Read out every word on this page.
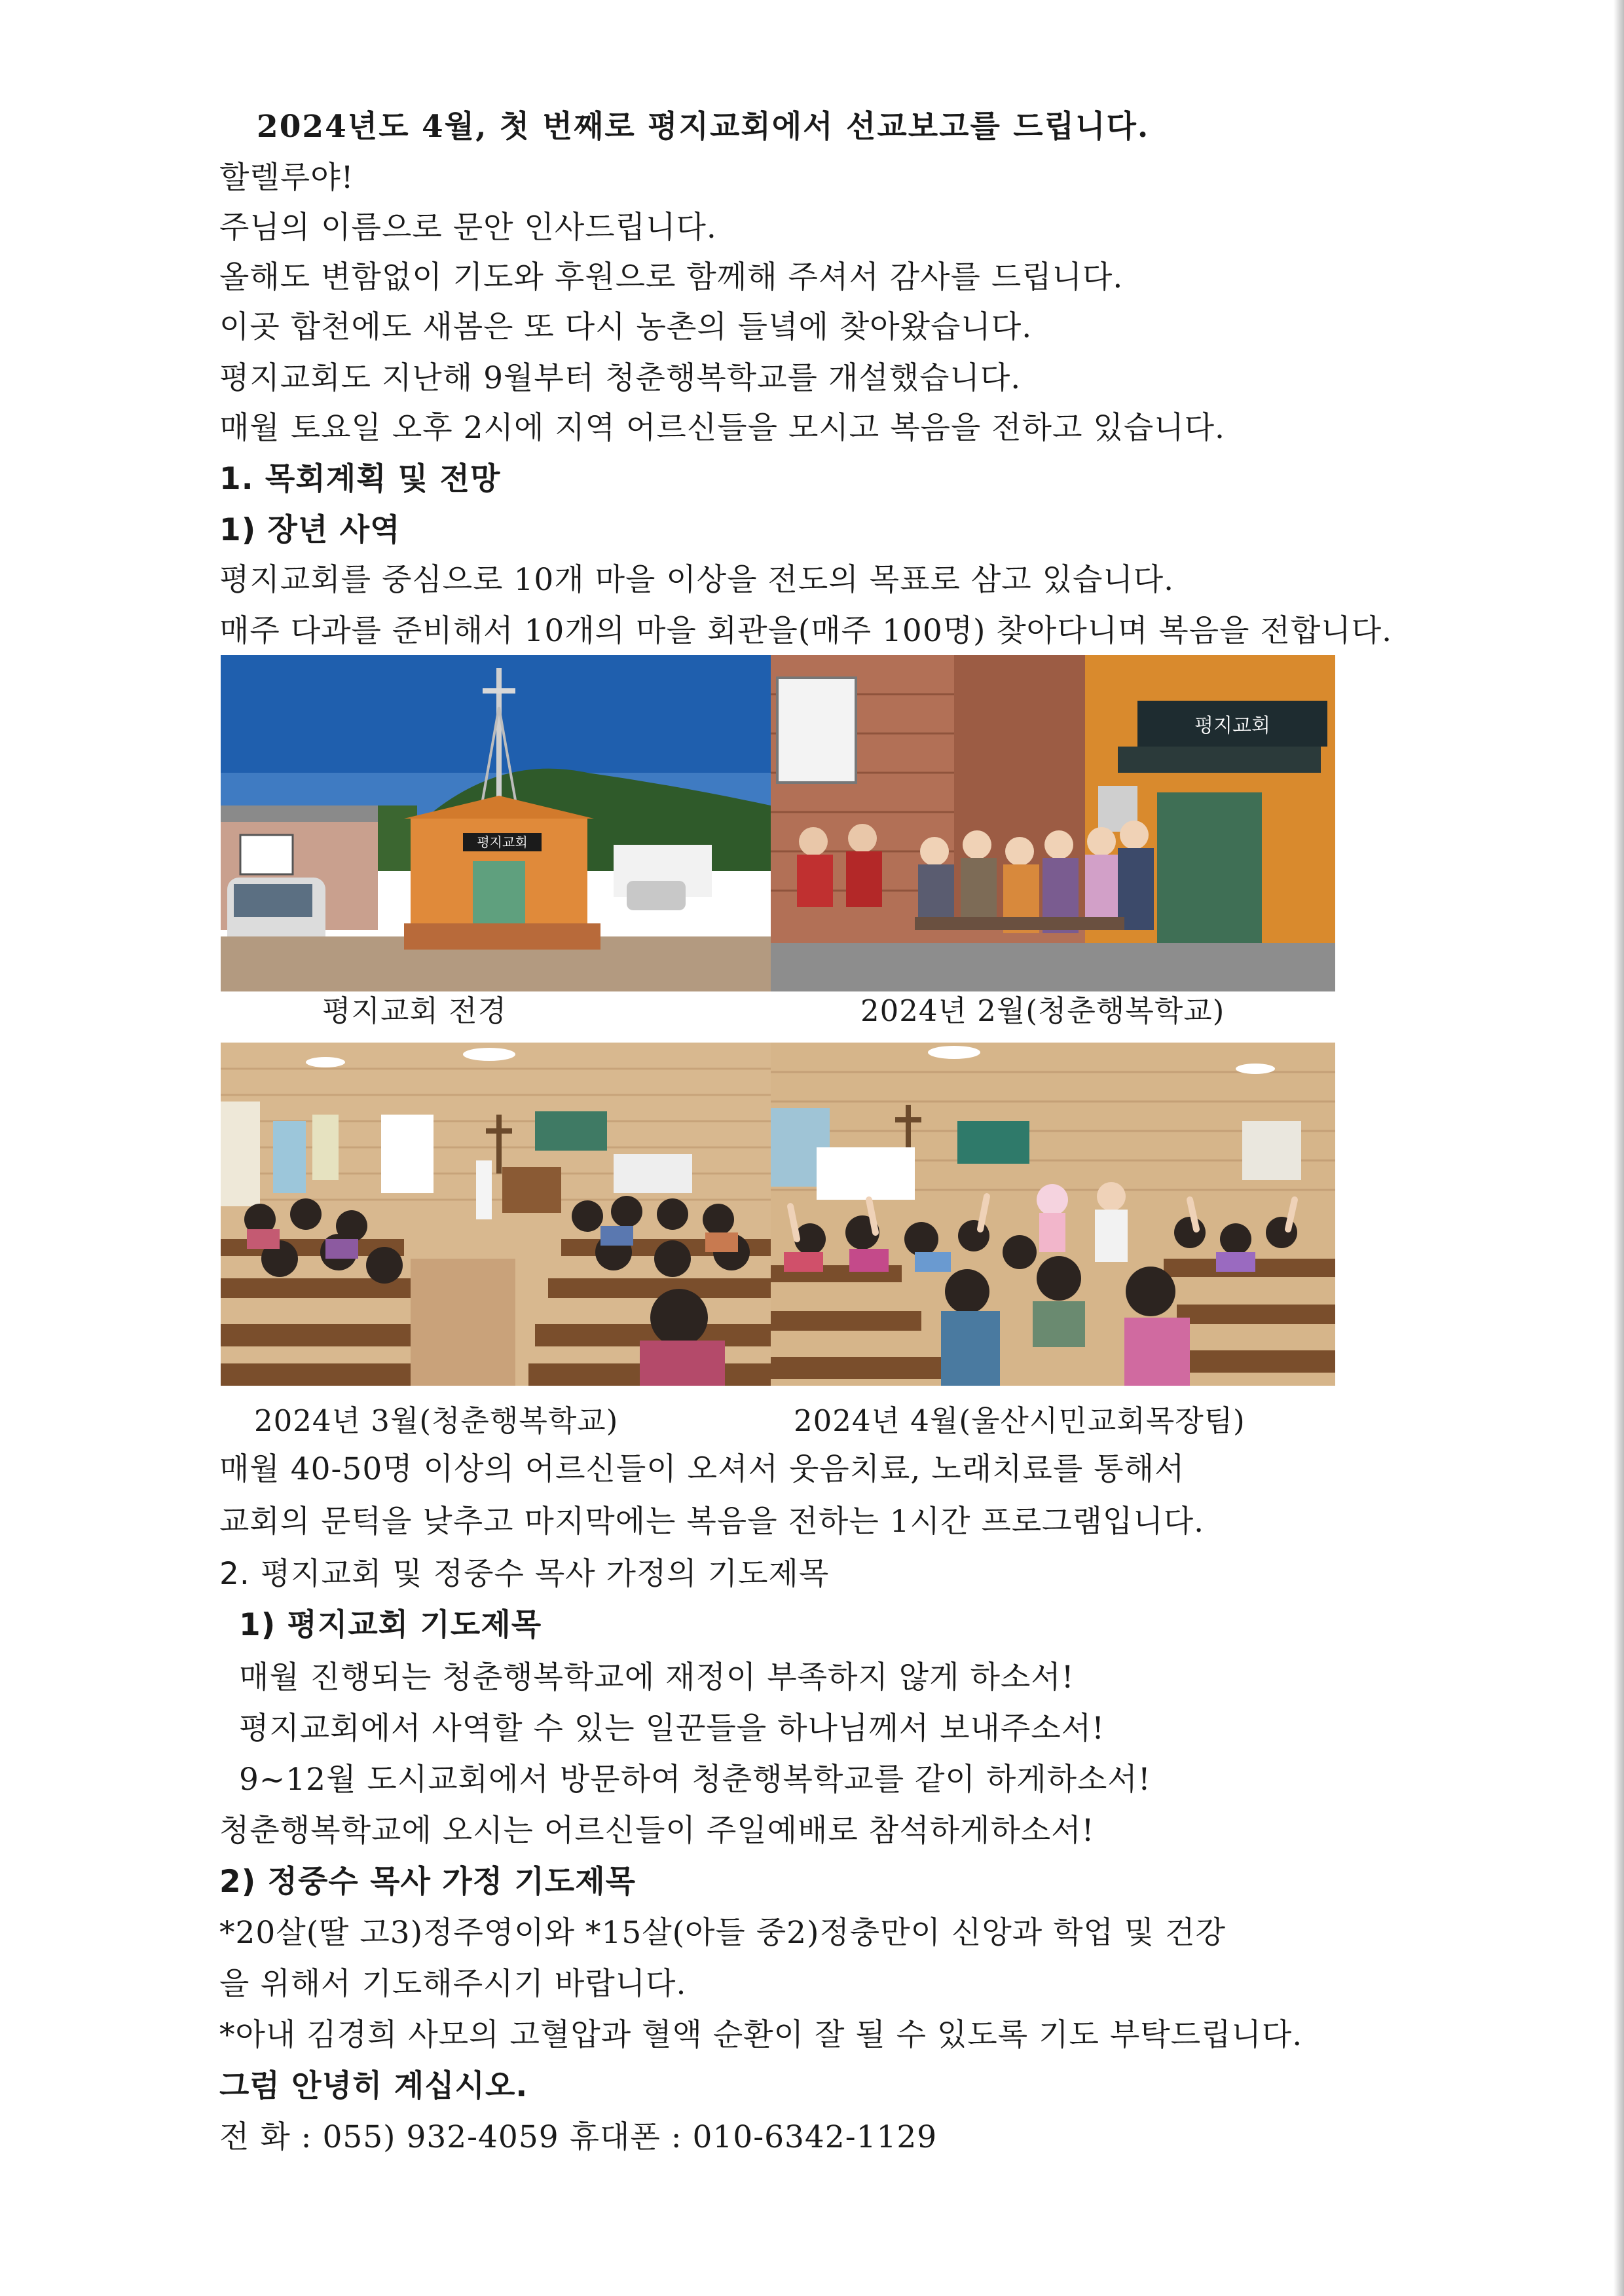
2024년도 4월, 첫 번째로 평지교회에서 선교보고를 드립니다.
할렐루야!
주님의 이름으로 문안 인사드립니다.
올해도 변함없이 기도와 후원으로 함께해 주셔서 감사를 드립니다.
이곳 합천에도 새봄은 또 다시 농촌의 들녘에 찾아왔습니다.
평지교회도 지난해 9월부터 청춘행복학교를 개설했습니다.
매월 토요일 오후 2시에 지역 어르신들을 모시고 복음을 전하고 있습니다.
1. 목회계획 및 전망
1) 장년 사역
평지교회를 중심으로 10개 마을 이상을 전도의 목표로 삼고 있습니다.
매주 다과를 준비해서 10개의 마을 회관을(매주 100명) 찾아다니며 복음을 전합니다.
평지교회
평지교회
평지교회 전경	2024년 2월(청춘행복학교)
2024년 3월(청춘행복학교)	2024년 4월(울산시민교회목장팀)
매월 40-50명 이상의 어르신들이 오셔서 웃음치료, 노래치료를 통해서
교회의 문턱을 낮추고 마지막에는 복음을 전하는 1시간 프로그램입니다.
2. 평지교회 및 정중수 목사 가정의 기도제목
1) 평지교회 기도제목
매월 진행되는 청춘행복학교에 재정이 부족하지 않게 하소서!
평지교회에서 사역할 수 있는 일꾼들을 하나님께서 보내주소서!
9~12월 도시교회에서 방문하여 청춘행복학교를 같이 하게하소서!
청춘행복학교에 오시는 어르신들이 주일예배로 참석하게하소서!
2) 정중수 목사 가정 기도제목
*20살(딸 고3)정주영이와 *15살(아들 중2)정충만이 신앙과 학업 및 건강
을 위해서 기도해주시기 바랍니다.
*아내 김경희 사모의 고혈압과 혈액 순환이 잘 될 수 있도록 기도 부탁드립니다.
그럼 안녕히 계십시오.
전 화 : 055) 932-4059 휴대폰 : 010-6342-1129
